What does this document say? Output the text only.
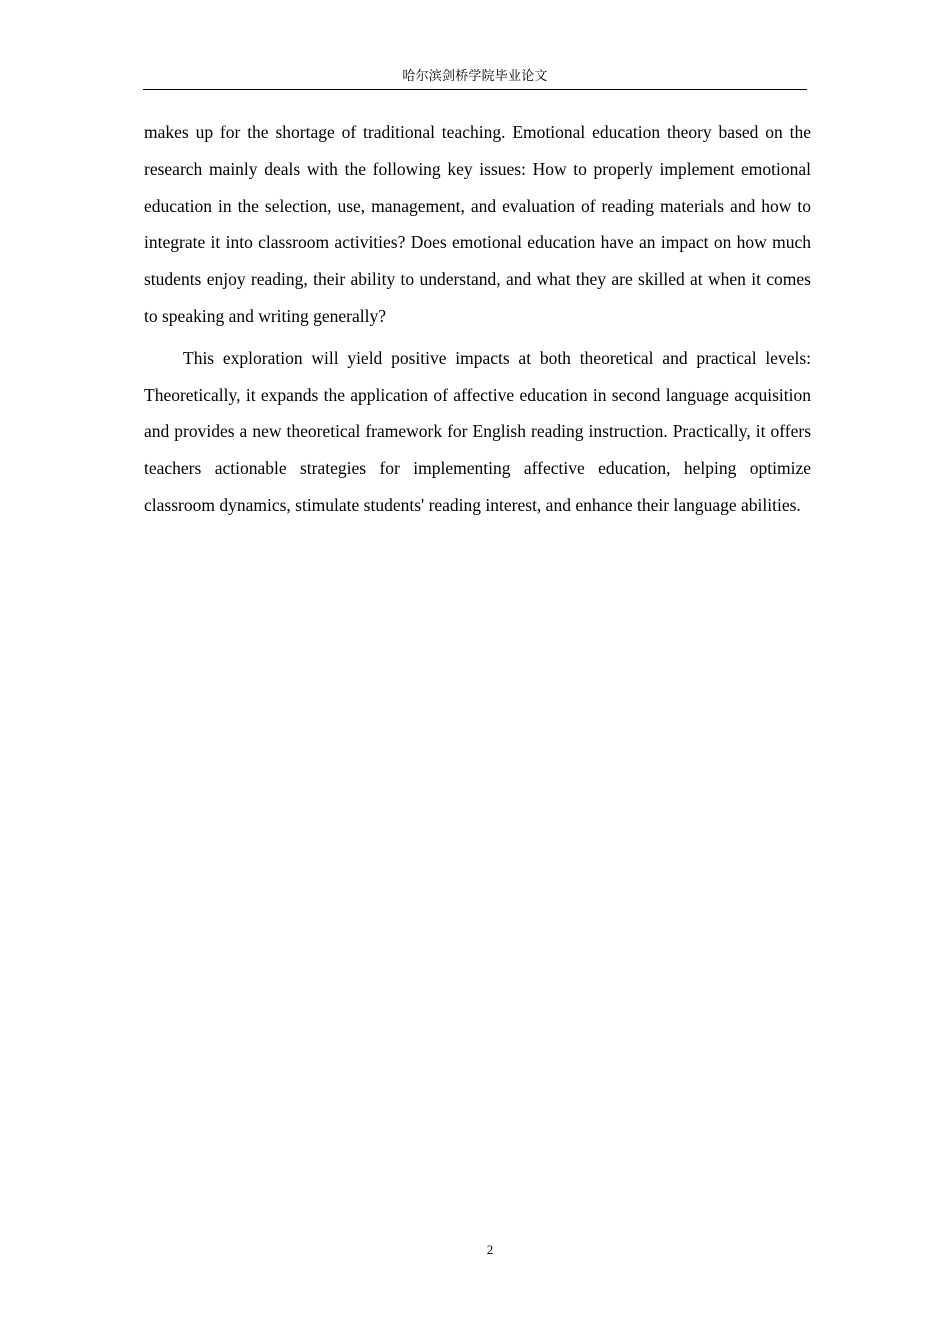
哈尔滨剑桥学院毕业论文

makes up for the shortage of traditional teaching. Emotional education theory based on the research mainly deals with the following key issues: How to properly implement emotional education in the selection, use, management, and evaluation of reading materials and how to integrate it into classroom activities? Does emotional education have an impact on how much students enjoy reading, their ability to understand, and what they are skilled at when it comes to speaking and writing generally?

This exploration will yield positive impacts at both theoretical and practical levels: Theoretically, it expands the application of affective education in second language acquisition and provides a new theoretical framework for English reading instruction. Practically, it offers teachers actionable strategies for implementing affective education, helping optimize classroom dynamics, stimulate students' reading interest, and enhance their language abilities.

2
